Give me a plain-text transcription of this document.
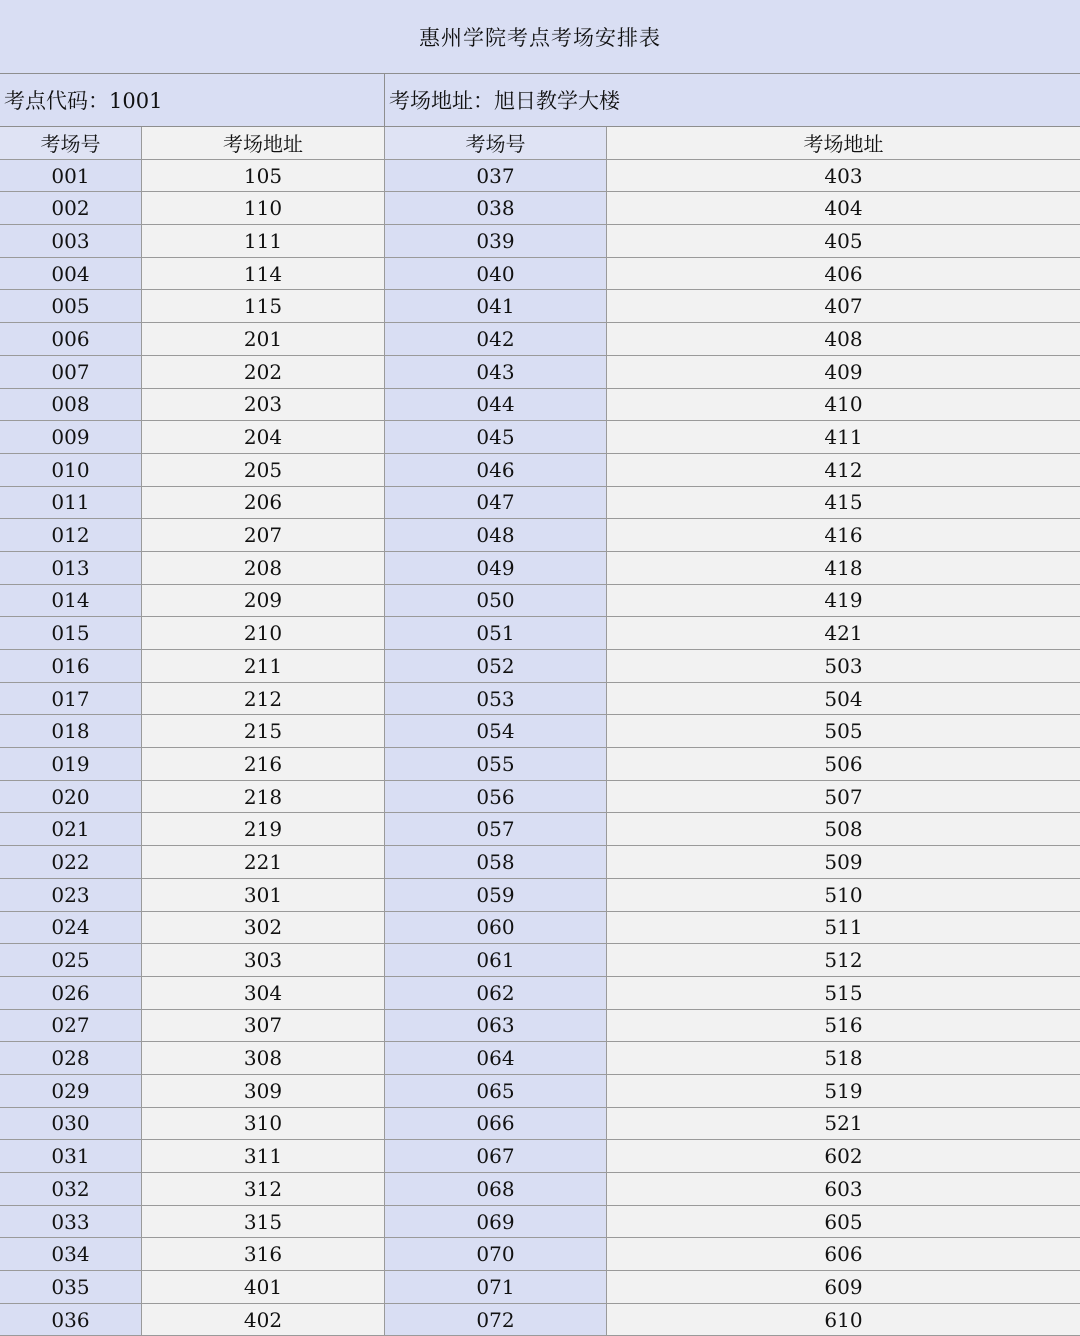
惠州学院考点考场安排表
考点代码：1001	考场地址：旭日教学大楼
考场号	考场地址	考场号	考场地址
001	105	037	403
002	110	038	404
003	111	039	405
004	114	040	406
005	115	041	407
006	201	042	408
007	202	043	409
008	203	044	410
009	204	045	411
010	205	046	412
011	206	047	415
012	207	048	416
013	208	049	418
014	209	050	419
015	210	051	421
016	211	052	503
017	212	053	504
018	215	054	505
019	216	055	506
020	218	056	507
021	219	057	508
022	221	058	509
023	301	059	510
024	302	060	511
025	303	061	512
026	304	062	515
027	307	063	516
028	308	064	518
029	309	065	519
030	310	066	521
031	311	067	602
032	312	068	603
033	315	069	605
034	316	070	606
035	401	071	609
036	402	072	610
